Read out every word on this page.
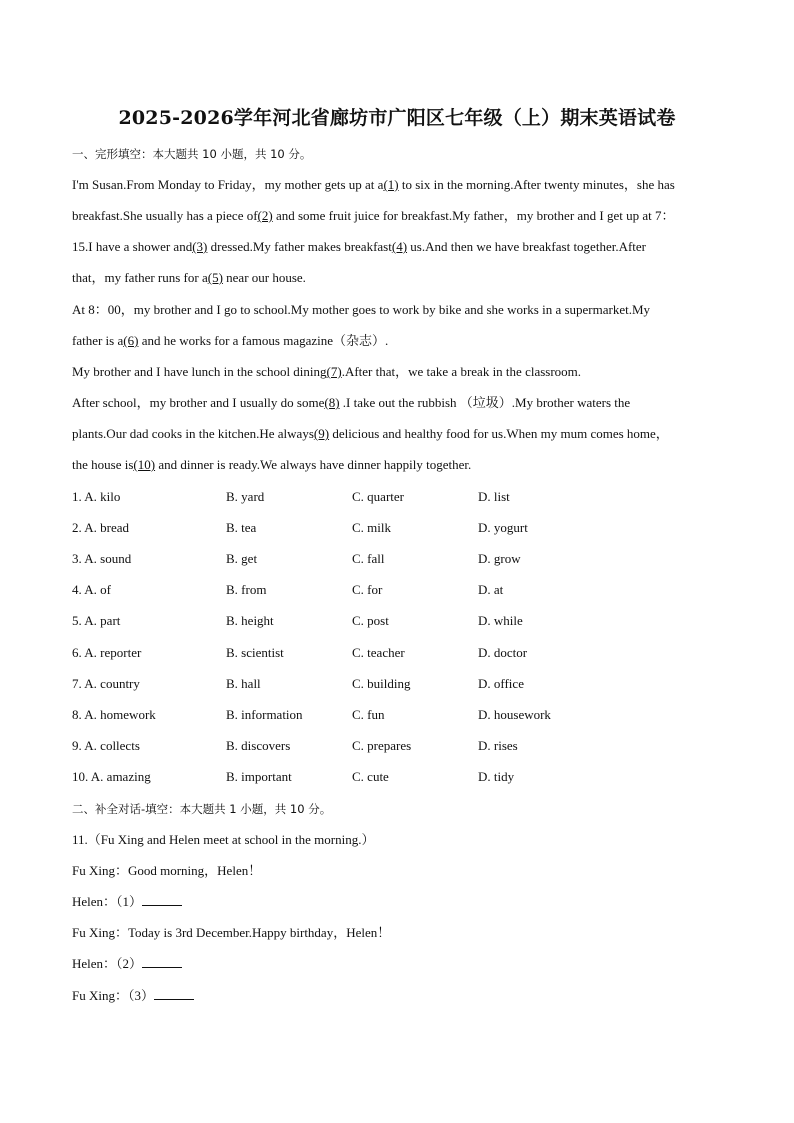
2025-2026学年河北省廊坊市广阳区七年级（上）期末英语试卷
一、完形填空：本大题共 10 小题，共 10 分。
I'm Susan.From Monday to Friday，my mother gets up at a(1) to six in the morning.After twenty minutes，she has
breakfast.She usually has a piece of(2) and some fruit juice for breakfast.My father，my brother and I get up at 7：
15.I have a shower and(3) dressed.My father makes breakfast(4) us.And then we have breakfast together.After
that，my father runs for a(5) near our house.
At 8：00，my brother and I go to school.My mother goes to work by bike and she works in a supermarket.My
father is a(6) and he works for a famous magazine（杂志）.
My brother and I have lunch in the school dining(7).After that，we take a break in the classroom.
After school，my brother and I usually do some(8) .I take out the rubbish （垃圾）.My brother waters the
plants.Our dad cooks in the kitchen.He always(9) delicious and healthy food for us.When my mum comes home，
the house is(10) and dinner is ready.We always have dinner happily together.
1. A. kilo	B. yard	C. quarter	D. list
2. A. bread	B. tea	C. milk	D. yogurt
3. A. sound	B. get	C. fall	D. grow
4. A. of	B. from	C. for	D. at
5. A. part	B. height	C. post	D. while
6. A. reporter	B. scientist	C. teacher	D. doctor
7. A. country	B. hall	C. building	D. office
8. A. homework	B. information	C. fun	D. housework
9. A. collects	B. discovers	C. prepares	D. rises
10. A. amazing	B. important	C. cute	D. tidy
二、补全对话-填空：本大题共 1 小题，共 10 分。
11.（Fu Xing and Helen meet at school in the morning.）
Fu Xing：Good morning，Helen！
Helen：（1）
Fu Xing：Today is 3rd December.Happy birthday，Helen！
Helen：（2）
Fu Xing：（3）
